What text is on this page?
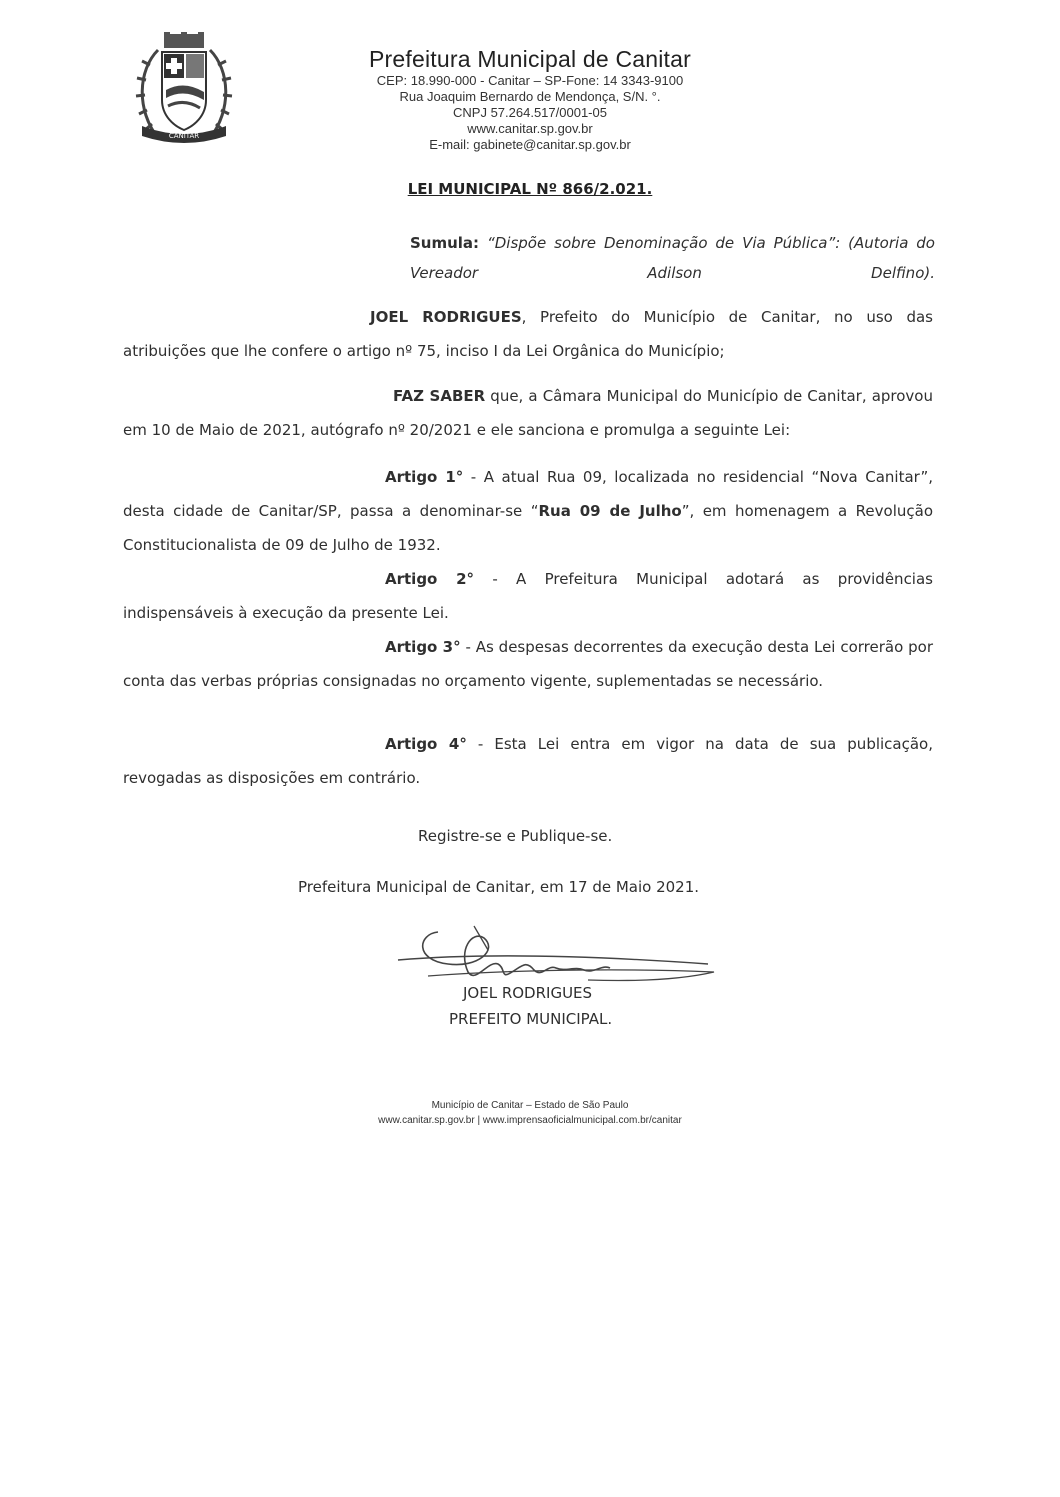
CANITAR
Prefeitura Municipal de Canitar
CEP: 18.990-000 - Canitar – SP-Fone: 14 3343-9100
Rua Joaquim Bernardo de Mendonça, S/N. °.
CNPJ 57.264.517/0001-05
www.canitar.sp.gov.br
E-mail: gabinete@canitar.sp.gov.br
LEI MUNICIPAL Nº 866/2.021.
Sumula: “Dispõe sobre Denominação de Via Pública”: (Autoria do Vereador Adilson Delfino).
JOEL RODRIGUES, Prefeito do Município de Canitar, no uso das atribuições que lhe confere o artigo nº 75, inciso I da Lei Orgânica do Município;
FAZ SABER que, a Câmara Municipal do Município de Canitar, aprovou em 10 de Maio de 2021, autógrafo nº 20/2021 e ele sanciona e promulga a seguinte Lei:
Artigo 1° - A atual Rua 09, localizada no residencial “Nova Canitar”, desta cidade de Canitar/SP, passa a denominar-se “Rua 09 de Julho”, em homenagem a Revolução Constitucionalista de 09 de Julho de 1932.
Artigo 2° - A Prefeitura Municipal adotará as providências indispensáveis à execução da presente Lei.
Artigo 3° - As despesas decorrentes da execução desta Lei correrão por conta das verbas próprias consignadas no orçamento vigente, suplementadas se necessário.
Artigo 4° - Esta Lei entra em vigor na data de sua publicação, revogadas as disposições em contrário.
Registre-se e Publique-se.
Prefeitura Municipal de Canitar, em 17 de Maio 2021.
JOEL RODRIGUES
PREFEITO MUNICIPAL.
Município de Canitar – Estado de São Paulo
www.canitar.sp.gov.br | www.imprensaoficialmunicipal.com.br/canitar
